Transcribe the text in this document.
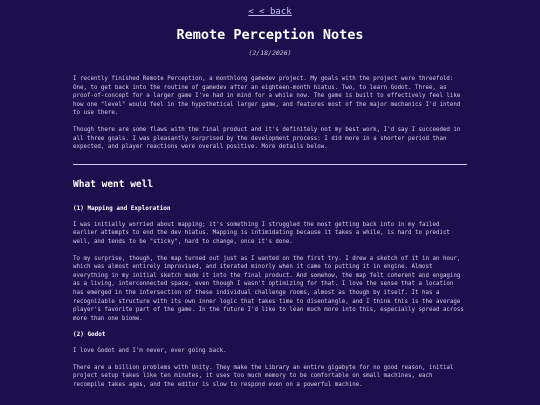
< < back
Remote Perception Notes
(2/18/2026)

I recently finished Remote Perception, a monthlong gamedev project. My goals with the project were threefold: One, to get back into the routine of gamedev after an eighteen-month hiatus. Two, to learn Godot. Three, as proof-of-concept for a larger game I've had in mind for a while now. The game is built to effectively feel like how one "level" would feel in the hypothetical larger game, and features most of the major mechanics I'd intend to use there.

Though there are some flaws with the final product and it's definitely not my best work, I'd say I succeeded in all three goals. I was pleasantly surprised by the development process: I did more in a shorter period than expected, and player reactions were overall positive. More details below.

What went well
(1) Mapping and Exploration

I was initially worried about mapping; it's something I struggled the most getting back into in my failed earlier attempts to end the dev hiatus. Mapping is intimidating because it takes a while, is hard to predict well, and tends to be "sticky", hard to change, once it's done.

To my surprise, though, the map turned out just as I wanted on the first try. I drew a sketch of it in an hour, which was almost entirely improvised, and iterated minorly when it came to putting it in engine. Almost everything in my initial sketch made it into the final product. And somehow, the map felt coherent and engaging as a living, interconnected space, even though I wasn't optimizing for that. I love the sense that a location has emerged in the intersection of these individual challenge rooms, almost as though by itself. It has a recognizable structure with its own inner logic that takes time to disentangle, and I think this is the average player's favorite part of the game. In the future I'd like to lean much more into this, especially spread across more than one biome.

(2) Godot

I love Godot and I'm never, ever going back.

There are a billion problems with Unity. They make the Library an entire gigabyte for no good reason, initial project setup takes like ten minutes, it uses too much memory to be comfortable on small machines, each recompile takes ages, and the editor is slow to respond even on a powerful machine.
